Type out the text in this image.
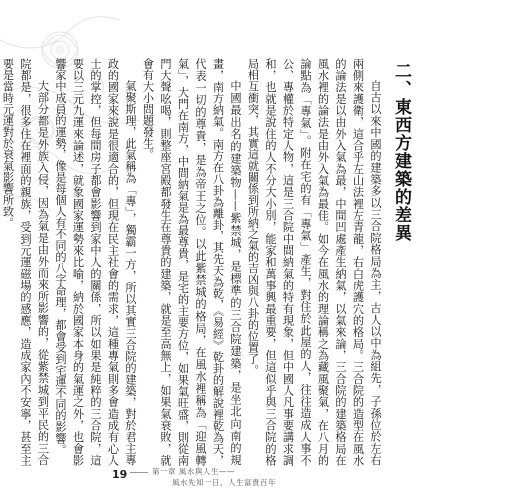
二、東西方建築的差異

自古以來中國的建築多以三合院格局為主，古人以中為組先，子孫位於左右兩側來護衛，這合乎左山法裡左青龍，右白虎護穴的格局。三合院的造型在風水的論法是以由外入氣為最，中間凹處產生納氣，以氣來論，三合院的建築格局在風水裡的論法是由外入氣為最佳。如今在風水的理論稱之為藏風聚氣，在八月的論點為「專氣」。附在宅的有「專氣」產生，對住於此屋的人，往往造成人事不公、專權於特定人物，這是三合院中間納氣的特有現象，但中國人凡事要講求調和，也就是說住的人不分大小別，能家和萬事興最重要，但這似乎與三合院的格局相互衝突，其實這就關係到所納之氣的吉凶與八卦的位置了。

中國最出名的建築物——紫禁城，是標準的三合院建築，是坐北向南的規畫，南方納氣。南方在八卦為離卦，其先天為乾，《易經》乾卦的解說裡乾為天，代表一切的尊貴，是為帝王之位。以此紫禁城的格局，在風水裡稱為「迎風轉氣」，大門在南方，中間納氣是為最尊貴，是宅的主要方位，如果氣旺盛，則從南門大聲吆喝，則整座宮殿都發生在尊貴的建築，就是至高無上，如果氣衰敗，就會有大小問題發生。

氣聚斯理，此氣稱為「專」，獨霸一方，所以其實三合院的建築，對於君主專政的國家來說是很適合的，但現在民主社會的需求，這種專氣則多會造成有心人士的掌控，但每間房子都會影響到家中人的關係，所以如果是純粹的三合院，這要以三元九運來論述，就象國家運勢來比喻，納於國家本身的氣運之外，也會影響家中成員的運勢，像是每個人有不同的八字命理，都會受到宅運不同的影響。

大部分都是外族入侵，因為氣是由外而來所影響的，從紫禁城到平民的三合院都是，很多住在裡面的親族，受到元運磁場的感應，造成家內不安寧，甚至主要是當時元運對於衰氣影響所致。

19	第一章 風水與人生——
風水先知一日，人生富貴百年
